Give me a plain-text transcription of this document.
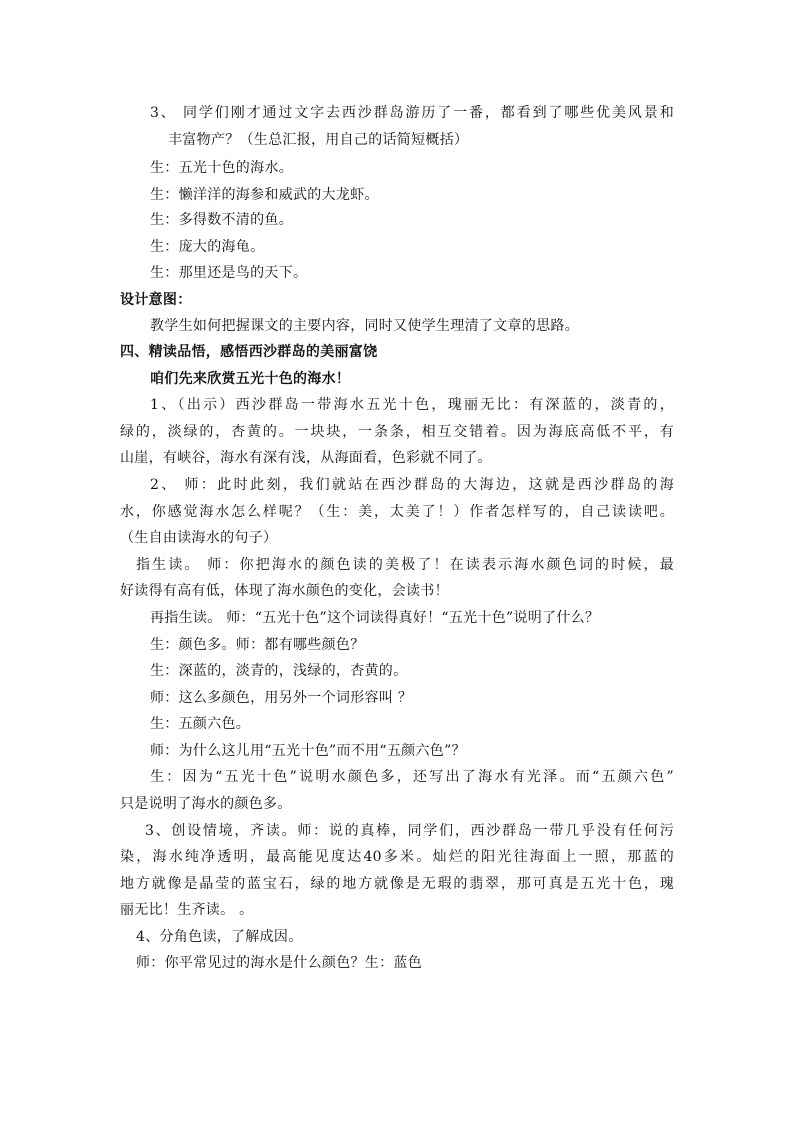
3、 同学们刚才通过文字去西沙群岛游历了一番，都看到了哪些优美风景和
丰富物产？（生总汇报，用自己的话简短概括）
生：五光十色的海水。
生：懒洋洋的海参和威武的大龙虾。
生：多得数不清的鱼。
生：庞大的海龟。
生：那里还是鸟的天下。
设计意图：
教学生如何把握课文的主要内容，同时又使学生理清了文章的思路。
四、精读品悟，感悟西沙群岛的美丽富饶
咱们先来欣赏五光十色的海水！
1、（出示）西沙群岛一带海水五光十色，瑰丽无比：有深蓝的，淡青的，
绿的，淡绿的，杏黄的。一块块，一条条，相互交错着。因为海底高低不平，有
山崖，有峡谷，海水有深有浅，从海面看，色彩就不同了。
2、 师：此时此刻，我们就站在西沙群岛的大海边，这就是西沙群岛的海
水，你感觉海水怎么样呢？（生：美，太美了！）作者怎样写的，自己读读吧。
（生自由读海水的句子）
指生读。 师：你把海水的颜色读的美极了！在读表示海水颜色词的时候，最
好读得有高有低，体现了海水颜色的变化，会读书！
再指生读。 师：“五光十色”这个词读得真好！“五光十色”说明了什么？
生：颜色多。师：都有哪些颜色？
生：深蓝的，淡青的，浅绿的，杏黄的。
师：这么多颜色，用另外一个词形容叫 ？
生：五颜六色。
师：为什么这儿用“五光十色”而不用“五颜六色”？
生：因为“五光十色”说明水颜色多，还写出了海水有光泽。而“五颜六色”
只是说明了海水的颜色多。
3、创设情境，齐读。师：说的真棒，同学们，西沙群岛一带几乎没有任何污
染，海水纯净透明，最高能见度达40多米。灿烂的阳光往海面上一照，那蓝的
地方就像是晶莹的蓝宝石，绿的地方就像是无瑕的翡翠，那可真是五光十色，瑰
丽无比！生齐读。 。
4、分角色读，了解成因。
师：你平常见过的海水是什么颜色？生：蓝色
